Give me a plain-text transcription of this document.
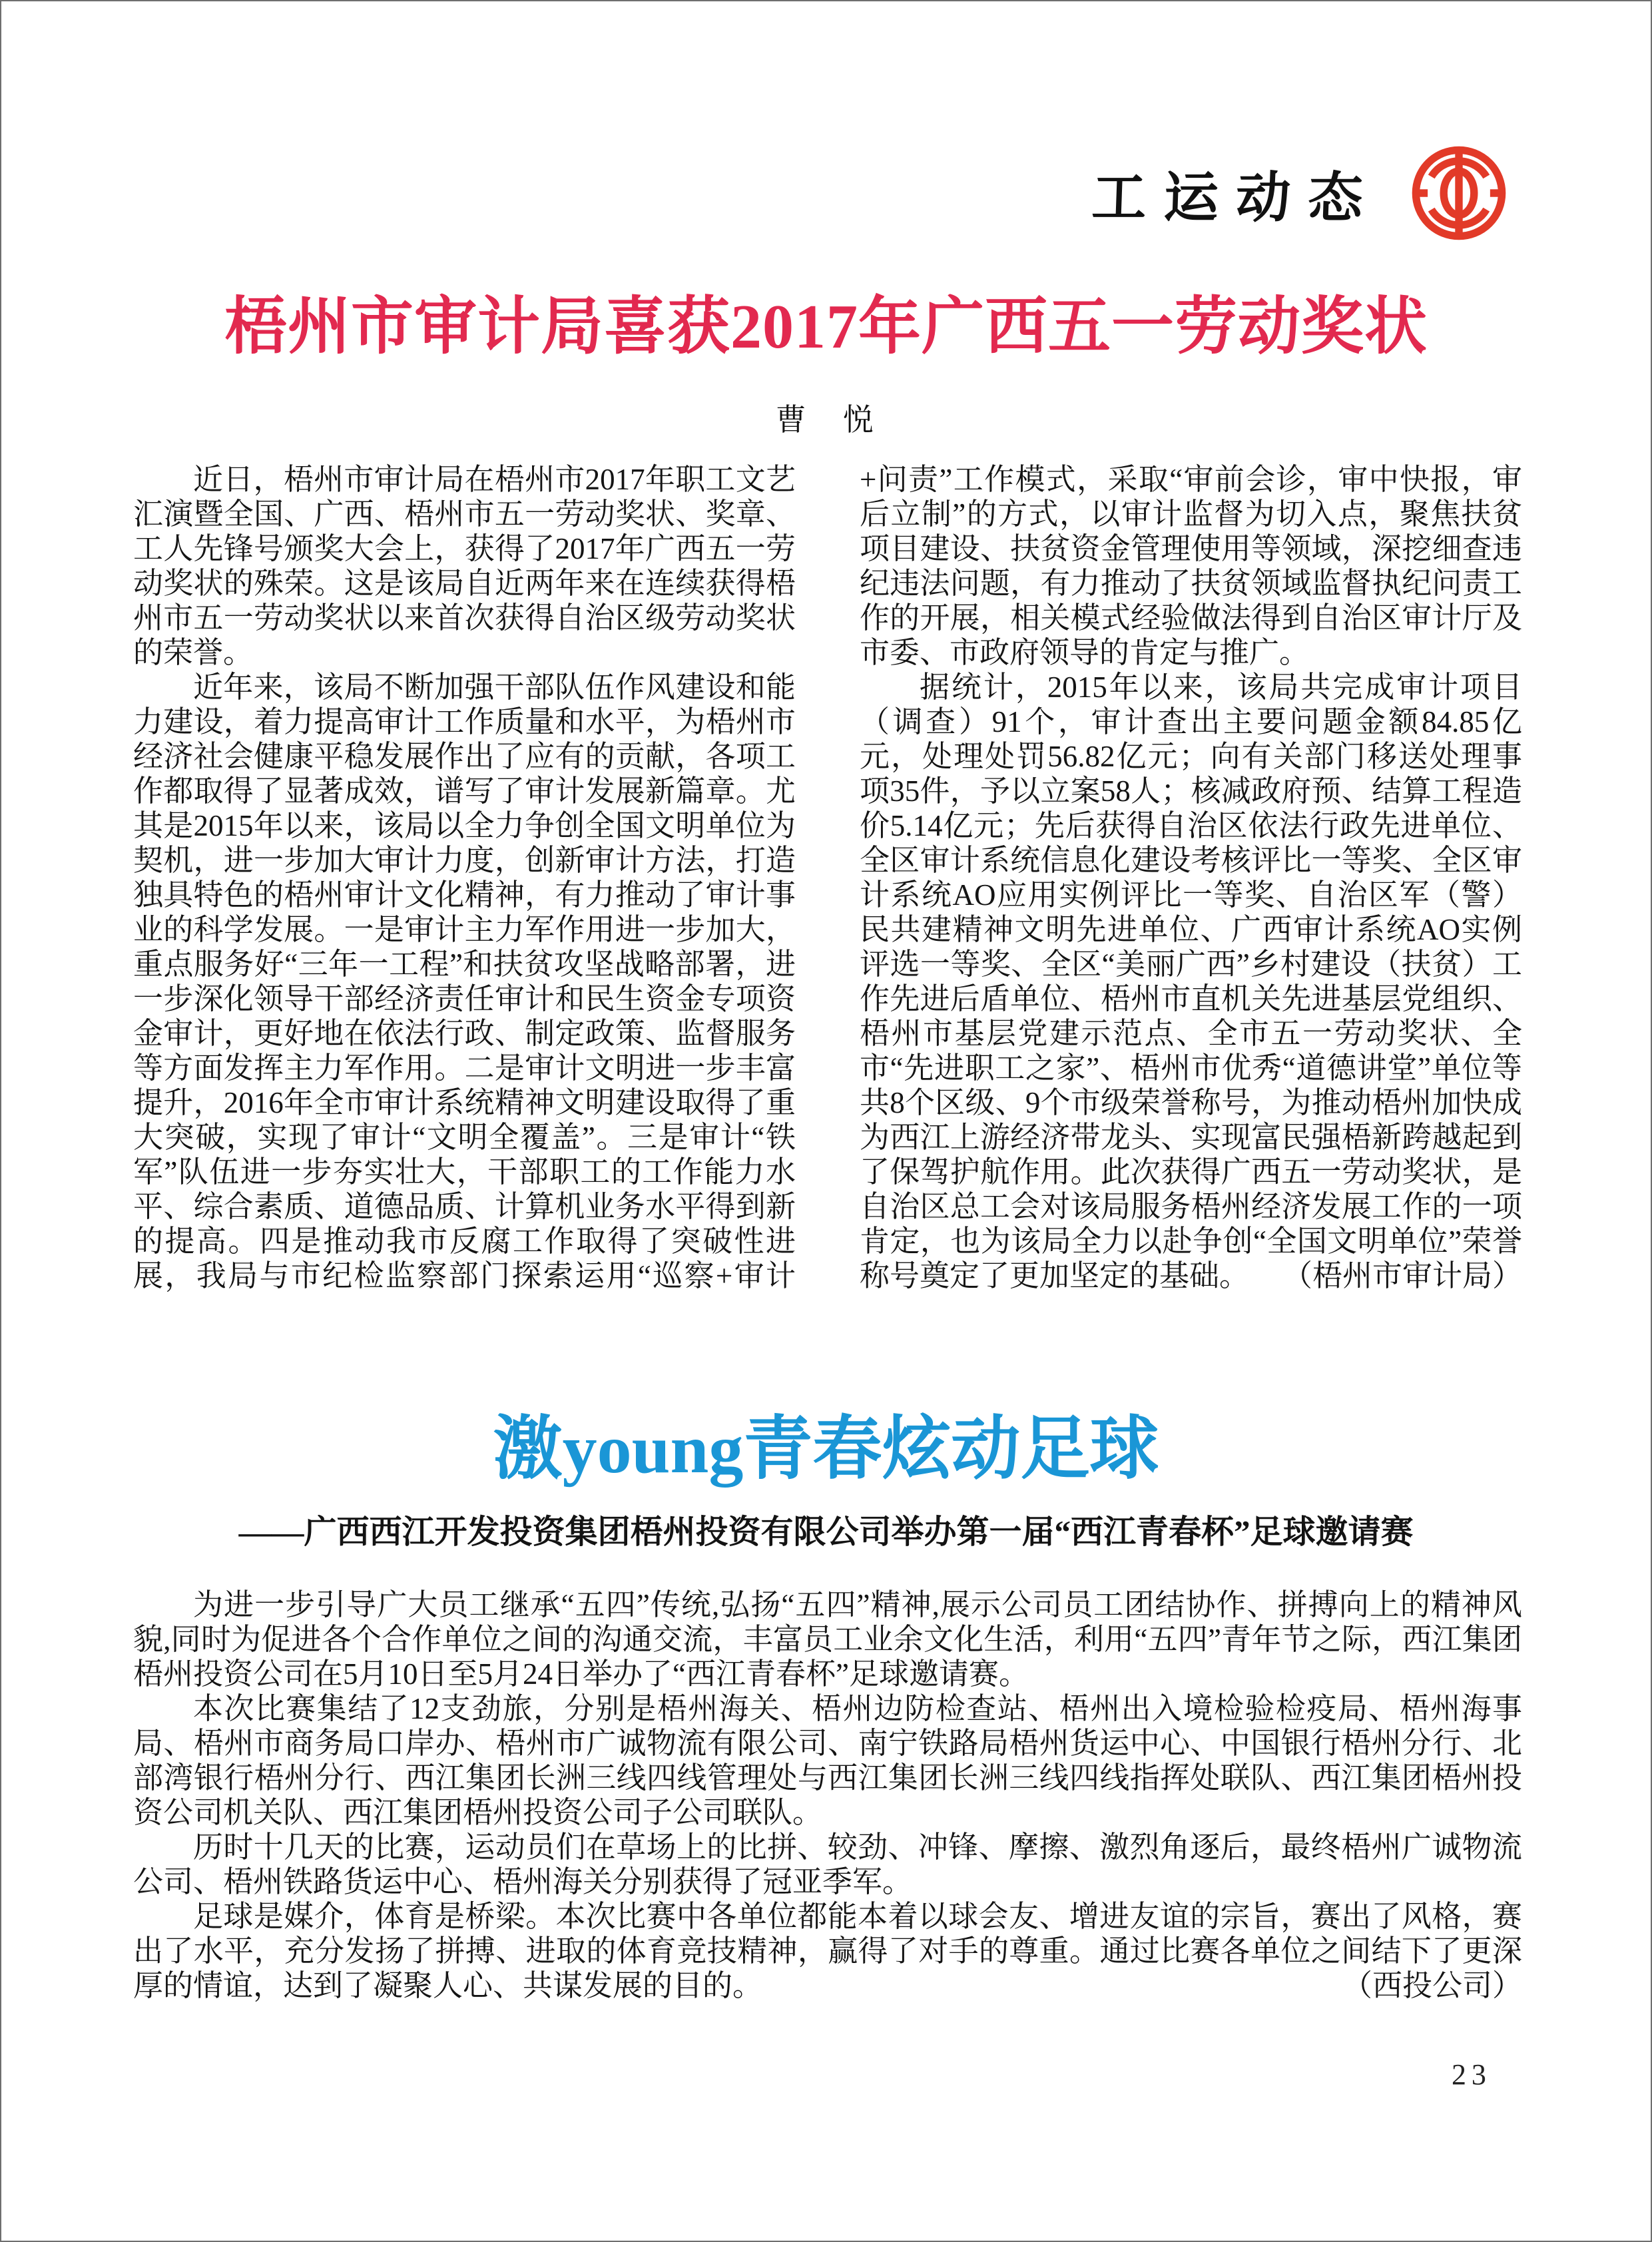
工运动态
梧州市审计局喜获2017年广西五一劳动奖状
曹　悦

近日，梧州市审计局在梧州市2017年职工文艺汇演暨全国、广西、梧州市五一劳动奖状、奖章、工人先锋号颁奖大会上，获得了2017年广西五一劳动奖状的殊荣。这是该局自近两年来在连续获得梧州市五一劳动奖状以来首次获得自治区级劳动奖状的荣誉。

近年来，该局不断加强干部队伍作风建设和能力建设，着力提高审计工作质量和水平，为梧州市经济社会健康平稳发展作出了应有的贡献，各项工作都取得了显著成效，谱写了审计发展新篇章。尤其是2015年以来，该局以全力争创全国文明单位为契机，进一步加大审计力度，创新审计方法，打造独具特色的梧州审计文化精神，有力推动了审计事业的科学发展。一是审计主力军作用进一步加大，重点服务好“三年一工程”和扶贫攻坚战略部署，进一步深化领导干部经济责任审计和民生资金专项资金审计，更好地在依法行政、制定政策、监督服务等方面发挥主力军作用。二是审计文明进一步丰富提升，2016年全市审计系统精神文明建设取得了重大突破，实现了审计“文明全覆盖”。三是审计“铁军”队伍进一步夯实壮大，干部职工的工作能力水平、综合素质、道德品质、计算机业务水平得到新的提高。四是推动我市反腐工作取得了突破性进展，我局与市纪检监察部门探索运用“巡察+审计+问责”工作模式，采取“审前会诊，审中快报，审后立制”的方式，以审计监督为切入点，聚焦扶贫项目建设、扶贫资金管理使用等领域，深挖细查违纪违法问题，有力推动了扶贫领域监督执纪问责工作的开展，相关模式经验做法得到自治区审计厅及市委、市政府领导的肯定与推广。

据统计，2015年以来，该局共完成审计项目（调查）91个，审计查出主要问题金额84.85亿元，处理处罚56.82亿元；向有关部门移送处理事项35件，予以立案58人；核减政府预、结算工程造价5.14亿元；先后获得自治区依法行政先进单位、全区审计系统信息化建设考核评比一等奖、全区审计系统AO应用实例评比一等奖、自治区军（警）民共建精神文明先进单位、广西审计系统AO实例评选一等奖、全区“美丽广西”乡村建设（扶贫）工作先进后盾单位、梧州市直机关先进基层党组织、梧州市基层党建示范点、全市五一劳动奖状、全市“先进职工之家”、梧州市优秀“道德讲堂”单位等共8个区级、9个市级荣誉称号，为推动梧州加快成为西江上游经济带龙头、实现富民强梧新跨越起到了保驾护航作用。此次获得广西五一劳动奖状，是自治区总工会对该局服务梧州经济发展工作的一项肯定，也为该局全力以赴争创“全国文明单位”荣誉称号奠定了更加坚定的基础。 （梧州市审计局）

激young青春炫动足球
——广西西江开发投资集团梧州投资有限公司举办第一届“西江青春杯”足球邀请赛

为进一步引导广大员工继承“五四”传统,弘扬“五四”精神,展示公司员工团结协作、拼搏向上的精神风貌,同时为促进各个合作单位之间的沟通交流，丰富员工业余文化生活，利用“五四”青年节之际，西江集团梧州投资公司在5月10日至5月24日举办了“西江青春杯”足球邀请赛。

本次比赛集结了12支劲旅，分别是梧州海关、梧州边防检查站、梧州出入境检验检疫局、梧州海事局、梧州市商务局口岸办、梧州市广诚物流有限公司、南宁铁路局梧州货运中心、中国银行梧州分行、北部湾银行梧州分行、西江集团长洲三线四线管理处与西江集团长洲三线四线指挥处联队、西江集团梧州投资公司机关队、西江集团梧州投资公司子公司联队。

历时十几天的比赛，运动员们在草场上的比拼、较劲、冲锋、摩擦、激烈角逐后，最终梧州广诚物流公司、梧州铁路货运中心、梧州海关分别获得了冠亚季军。

足球是媒介，体育是桥梁。本次比赛中各单位都能本着以球会友、增进友谊的宗旨，赛出了风格，赛出了水平，充分发扬了拼搏、进取的体育竞技精神，赢得了对手的尊重。通过比赛各单位之间结下了更深厚的情谊，达到了凝聚人心、共谋发展的目的。	（西投公司）

23
